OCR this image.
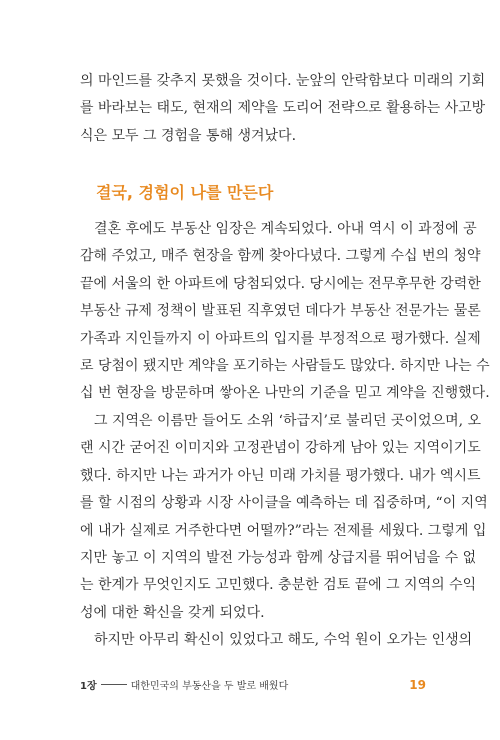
의 마인드를 갖추지 못했을 것이다. 눈앞의 안락함보다 미래의 기회
를 바라보는 태도, 현재의 제약을 도리어 전략으로 활용하는 사고방
식은 모두 그 경험을 통해 생겨났다.

결국, 경험이 나를 만든다

결혼 후에도 부동산 임장은 계속되었다. 아내 역시 이 과정에 공
감해 주었고, 매주 현장을 함께 찾아다녔다. 그렇게 수십 번의 청약
끝에 서울의 한 아파트에 당첨되었다. 당시에는 전무후무한 강력한
부동산 규제 정책이 발표된 직후였던 데다가 부동산 전문가는 물론
가족과 지인들까지 이 아파트의 입지를 부정적으로 평가했다. 실제
로 당첨이 됐지만 계약을 포기하는 사람들도 많았다. 하지만 나는 수
십 번 현장을 방문하며 쌓아온 나만의 기준을 믿고 계약을 진행했다.

그 지역은 이름만 들어도 소위 ‘하급지’로 불리던 곳이었으며, 오
랜 시간 굳어진 이미지와 고정관념이 강하게 남아 있는 지역이기도
했다. 하지만 나는 과거가 아닌 미래 가치를 평가했다. 내가 엑시트
를 할 시점의 상황과 시장 사이클을 예측하는 데 집중하며, “이 지역
에 내가 실제로 거주한다면 어떨까?”라는 전제를 세웠다. 그렇게 입
지만 놓고 이 지역의 발전 가능성과 함께 상급지를 뛰어넘을 수 없
는 한계가 무엇인지도 고민했다. 충분한 검토 끝에 그 지역의 수익
성에 대한 확신을 갖게 되었다.

하지만 아무리 확신이 있었다고 해도, 수억 원이 오가는 인생의

1장	대한민국의 부동산을 두 발로 배웠다	19
